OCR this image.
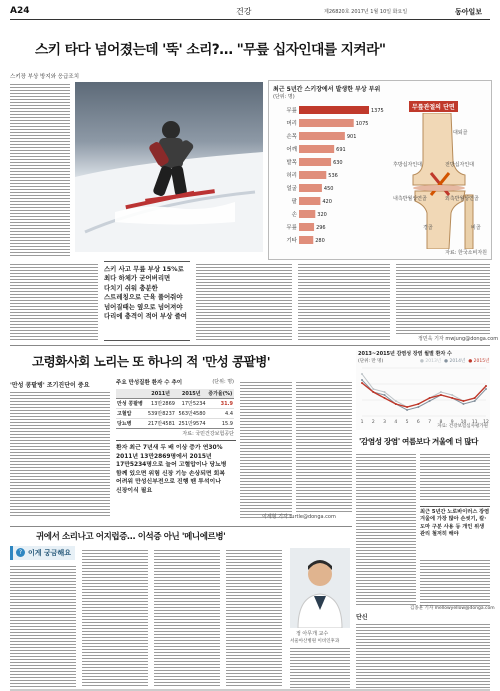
A24	건강	제26820호 2017년 1월 10일 화요일	동아일보
스키 타다 넘어졌는데 '뚝' 소리?… "무릎 십자인대를 지켜라"
스키장 부상 방지와 응급조치
최근 5년간 스키장에서 발생한 부상 부위
(단위: 명)
무릎	1375
머리	1075
손목	901
어깨	691
발목	630
허리	536
얼굴	450
팔	420
손	320
무릎	296
기타	280
무릎관절의 단면
대퇴골
전방십자인대
후방십자인대
내측반월상연골	외측반월상연골
경골	비골
자료: 한국소비자원
스키 사고 무릎 부상 15%로 최다 하체가 굳어버리면 다치기 쉬워 충분한 스트레칭으로 근육 풀어줘야 넘어질때는 옆으로 넘어져야 다리에 충격이 적어 부상 줄여
정민욱 기자 mwjung@donga.com
고령화사회 노리는 또 하나의 적 '만성 콩팥병'
'만성 콩팥병' 조기진단이 중요	주요 만성질환 환자 수 추이	(단위: 명)
	2011년	2015년	증가율(%)
만성 콩팥병	13만2869	17만5234	31.9
고혈압	539만8237	563만4580	4.4
당뇨병	217만4581	251만9574	15.9
자료: 국민건강보험공단
환자 최근 7년새 두 배 이상 증가 연30% 2011년 13만2869명에서 2015년 17만5234명으로 늘어 고혈압이나 당뇨병 함께 있으면 위험 신장 기능 손상되면 회복 어려워 만성신부전으로 진행 땐 투석이나 신장이식 필요
이세형 기자 turtle@donga.com
2013~2015년 감염성 장염 월별 환자 수
(단위: 만 명)
1 2 3 4 5 6 7 8 9 10 11 12
● 2013년 ● 2014년 ● 2015년
자료: 건강보험심사평가원
'감염성 장염' 여름보다 겨울에 더 많다
최근 5년간 노로바이러스 장염 겨울에 가장 많아 손씻기, 칼·도마 구분 사용 등 개인 위생 관리 철저히 해야
김종훈 기자 mellowyellow@donga.com
귀에서 소리나고 어지럽증… 이석증 아닌 '메니에르병'
? 이게 궁금해요
정 아무개 교수
서울아산병원 이비인후과
단신
